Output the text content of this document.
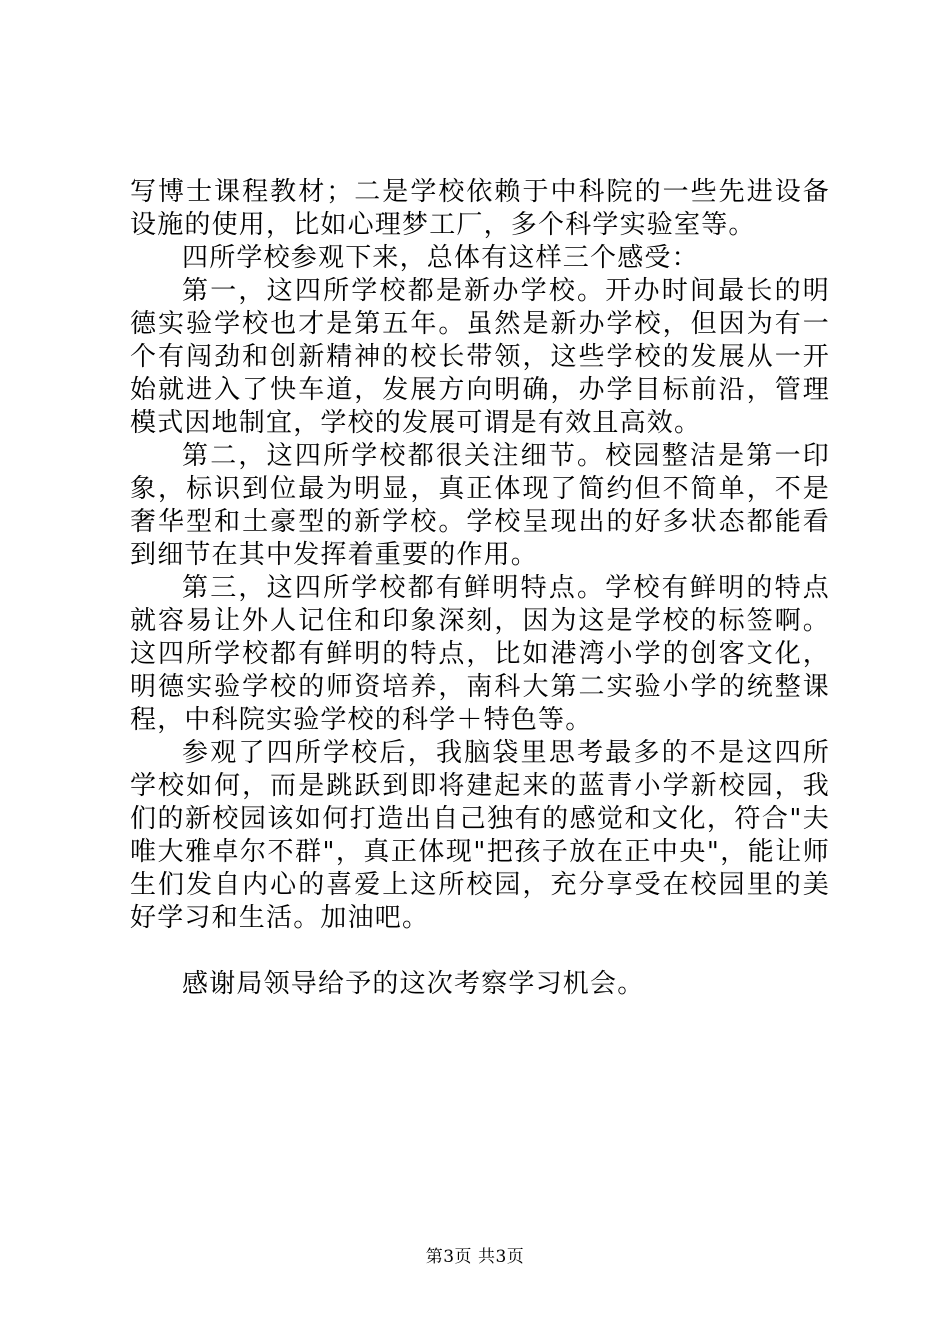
写博士课程教材；二是学校依赖于中科院的一些先进设备设施的使用，比如心理梦工厂，多个科学实验室等。

四所学校参观下来，总体有这样三个感受：

第一，这四所学校都是新办学校。开办时间最长的明德实验学校也才是第五年。虽然是新办学校，但因为有一个有闯劲和创新精神的校长带领，这些学校的发展从一开始就进入了快车道，发展方向明确，办学目标前沿，管理模式因地制宜，学校的发展可谓是有效且高效。

第二，这四所学校都很关注细节。校园整洁是第一印象，标识到位最为明显，真正体现了简约但不简单，不是奢华型和土豪型的新学校。学校呈现出的好多状态都能看到细节在其中发挥着重要的作用。

第三，这四所学校都有鲜明特点。学校有鲜明的特点就容易让外人记住和印象深刻，因为这是学校的标签啊。这四所学校都有鲜明的特点，比如港湾小学的创客文化，明德实验学校的师资培养，南科大第二实验小学的统整课程，中科院实验学校的科学＋特色等。

参观了四所学校后，我脑袋里思考最多的不是这四所学校如何，而是跳跃到即将建起来的蓝青小学新校园，我们的新校园该如何打造出自己独有的感觉和文化，符合"夫唯大雅卓尔不群"，真正体现"把孩子放在正中央"，能让师生们发自内心的喜爱上这所校园，充分享受在校园里的美好学习和生活。加油吧。

感谢局领导给予的这次考察学习机会。

第3页 共3页
